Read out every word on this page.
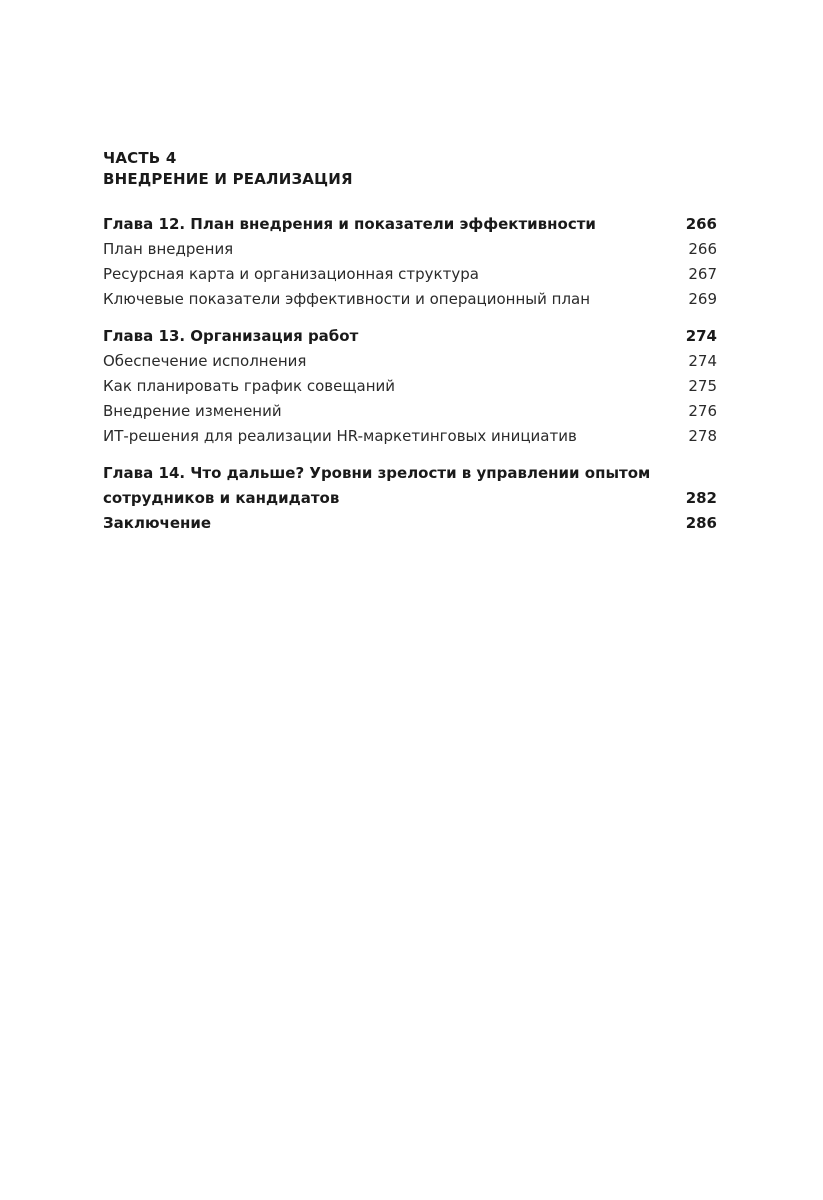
ЧАСТЬ 4
ВНЕДРЕНИЕ И РЕАЛИЗАЦИЯ
Глава 12. План внедрения и показатели эффективности	266
План внедрения	266
Ресурсная карта и организационная структура	267
Ключевые показатели эффективности и операционный план	269
Глава 13. Организация работ	274
Обеспечение исполнения	274
Как планировать график совещаний	275
Внедрение изменений	276
ИТ-решения для реализации HR-маркетинговых инициатив	278
Глава 14. Что дальше? Уровни зрелости в управлении опытом
сотрудников и кандидатов	282
Заключение	286
